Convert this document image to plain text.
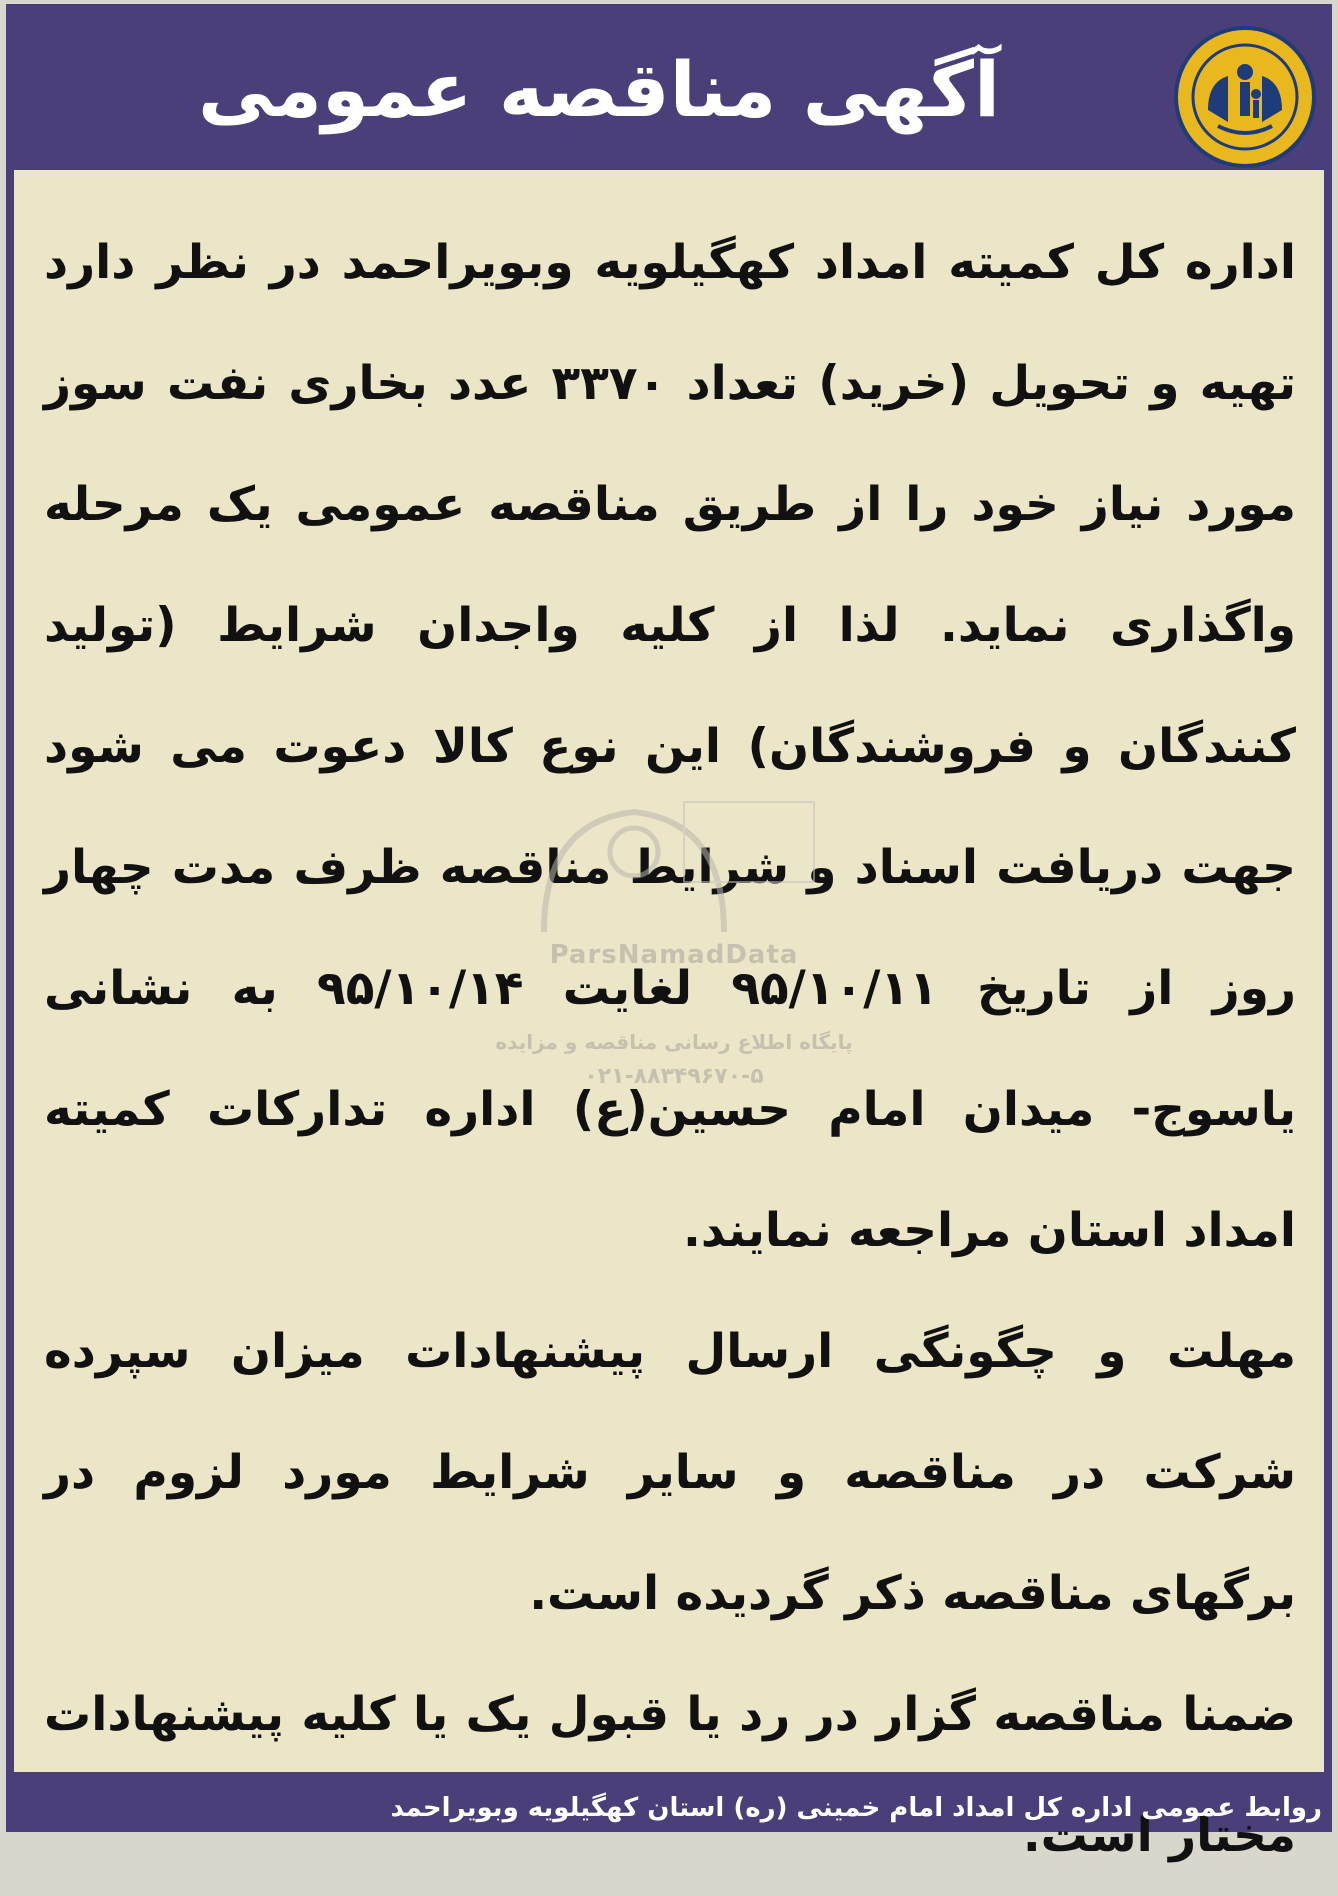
آگهی مناقصه عمومی

اداره کل کمیته امداد کهگیلویه وبویراحمد در نظر دارد تهیه و تحویل (خرید) تعداد ۳۳۷۰ عدد بخاری نفت سوز مورد نیاز خود را از طریق مناقصه عمومی یک مرحله واگذاری نماید. لذا از کلیه واجدان شرایط (تولید کنندگان و فروشندگان) این نوع کالا دعوت می شود جهت دریافت اسناد و شرایط مناقصه ظرف مدت چهار روز از تاریخ ۹۵/۱۰/۱۱ لغایت ۹۵/۱۰/۱۴ به نشانی یاسوج- میدان امام حسین(ع) اداره تدارکات کمیته امداد استان مراجعه نمایند.

مهلت و چگونگی ارسال پیشنهادات میزان سپرده شرکت در مناقصه و سایر شرایط مورد لزوم در برگهای مناقصه ذکر گردیده است.

ضمنا مناقصه گزار در رد یا قبول یک یا کلیه پیشنهادات مختار است.

ParsNamadData
پایگاه اطلاع رسانی مناقصه و مزایده
۰۲۱-۸۸۳۴۹۶۷۰-۵
روابط عمومی اداره کل امداد امام خمینی (ره) استان کهگیلویه وبویراحمد
